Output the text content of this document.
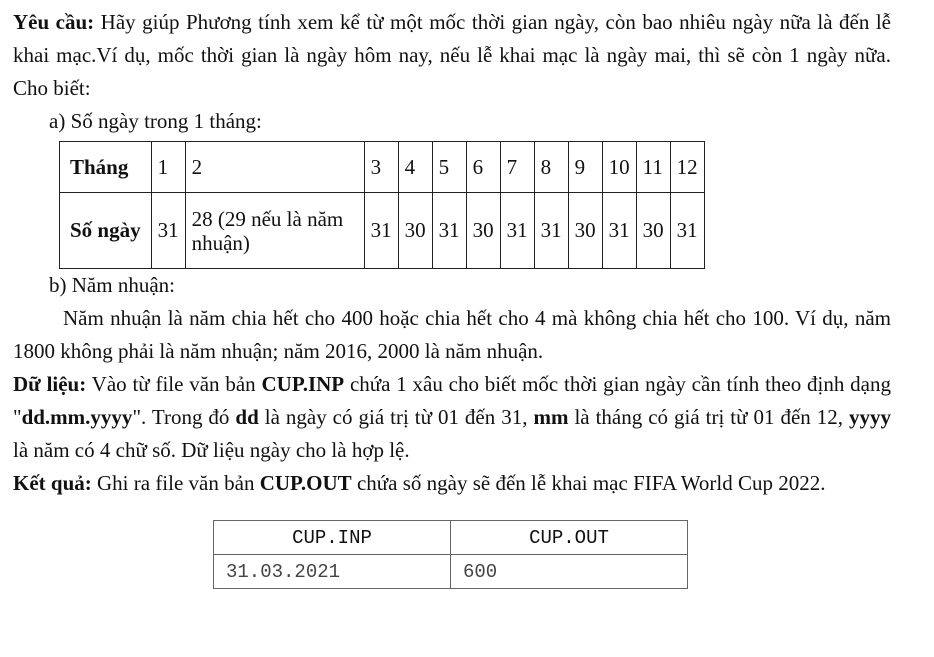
Yêu cầu: Hãy giúp Phương tính xem kể từ một mốc thời gian ngày, còn bao nhiêu ngày nữa là đến lễ khai mạc.Ví dụ, mốc thời gian là ngày hôm nay, nếu lễ khai mạc là ngày mai, thì sẽ còn 1 ngày nữa. Cho biết:

a) Số ngày trong 1 tháng:
Tháng	1	2	3	4	5	6	7	8	9	10	11	12
Số ngày	31	28 (29 nếu là năm nhuận)	31	30	31	30	31	31	30	31	30	31
b) Năm nhuận:

Năm nhuận là năm chia hết cho 400 hoặc chia hết cho 4 mà không chia hết cho 100. Ví dụ, năm 1800 không phải là năm nhuận; năm 2016, 2000 là năm nhuận.

Dữ liệu: Vào từ file văn bản CUP.INP chứa 1 xâu cho biết mốc thời gian ngày cần tính theo định dạng "dd.mm.yyyy". Trong đó dd là ngày có giá trị từ 01 đến 31, mm là tháng có giá trị từ 01 đến 12, yyyy là năm có 4 chữ số. Dữ liệu ngày cho là hợp lệ.

Kết quả: Ghi ra file văn bản CUP.OUT chứa số ngày sẽ đến lễ khai mạc FIFA World Cup 2022.

CUP.INP	CUP.OUT
31.03.2021	600
